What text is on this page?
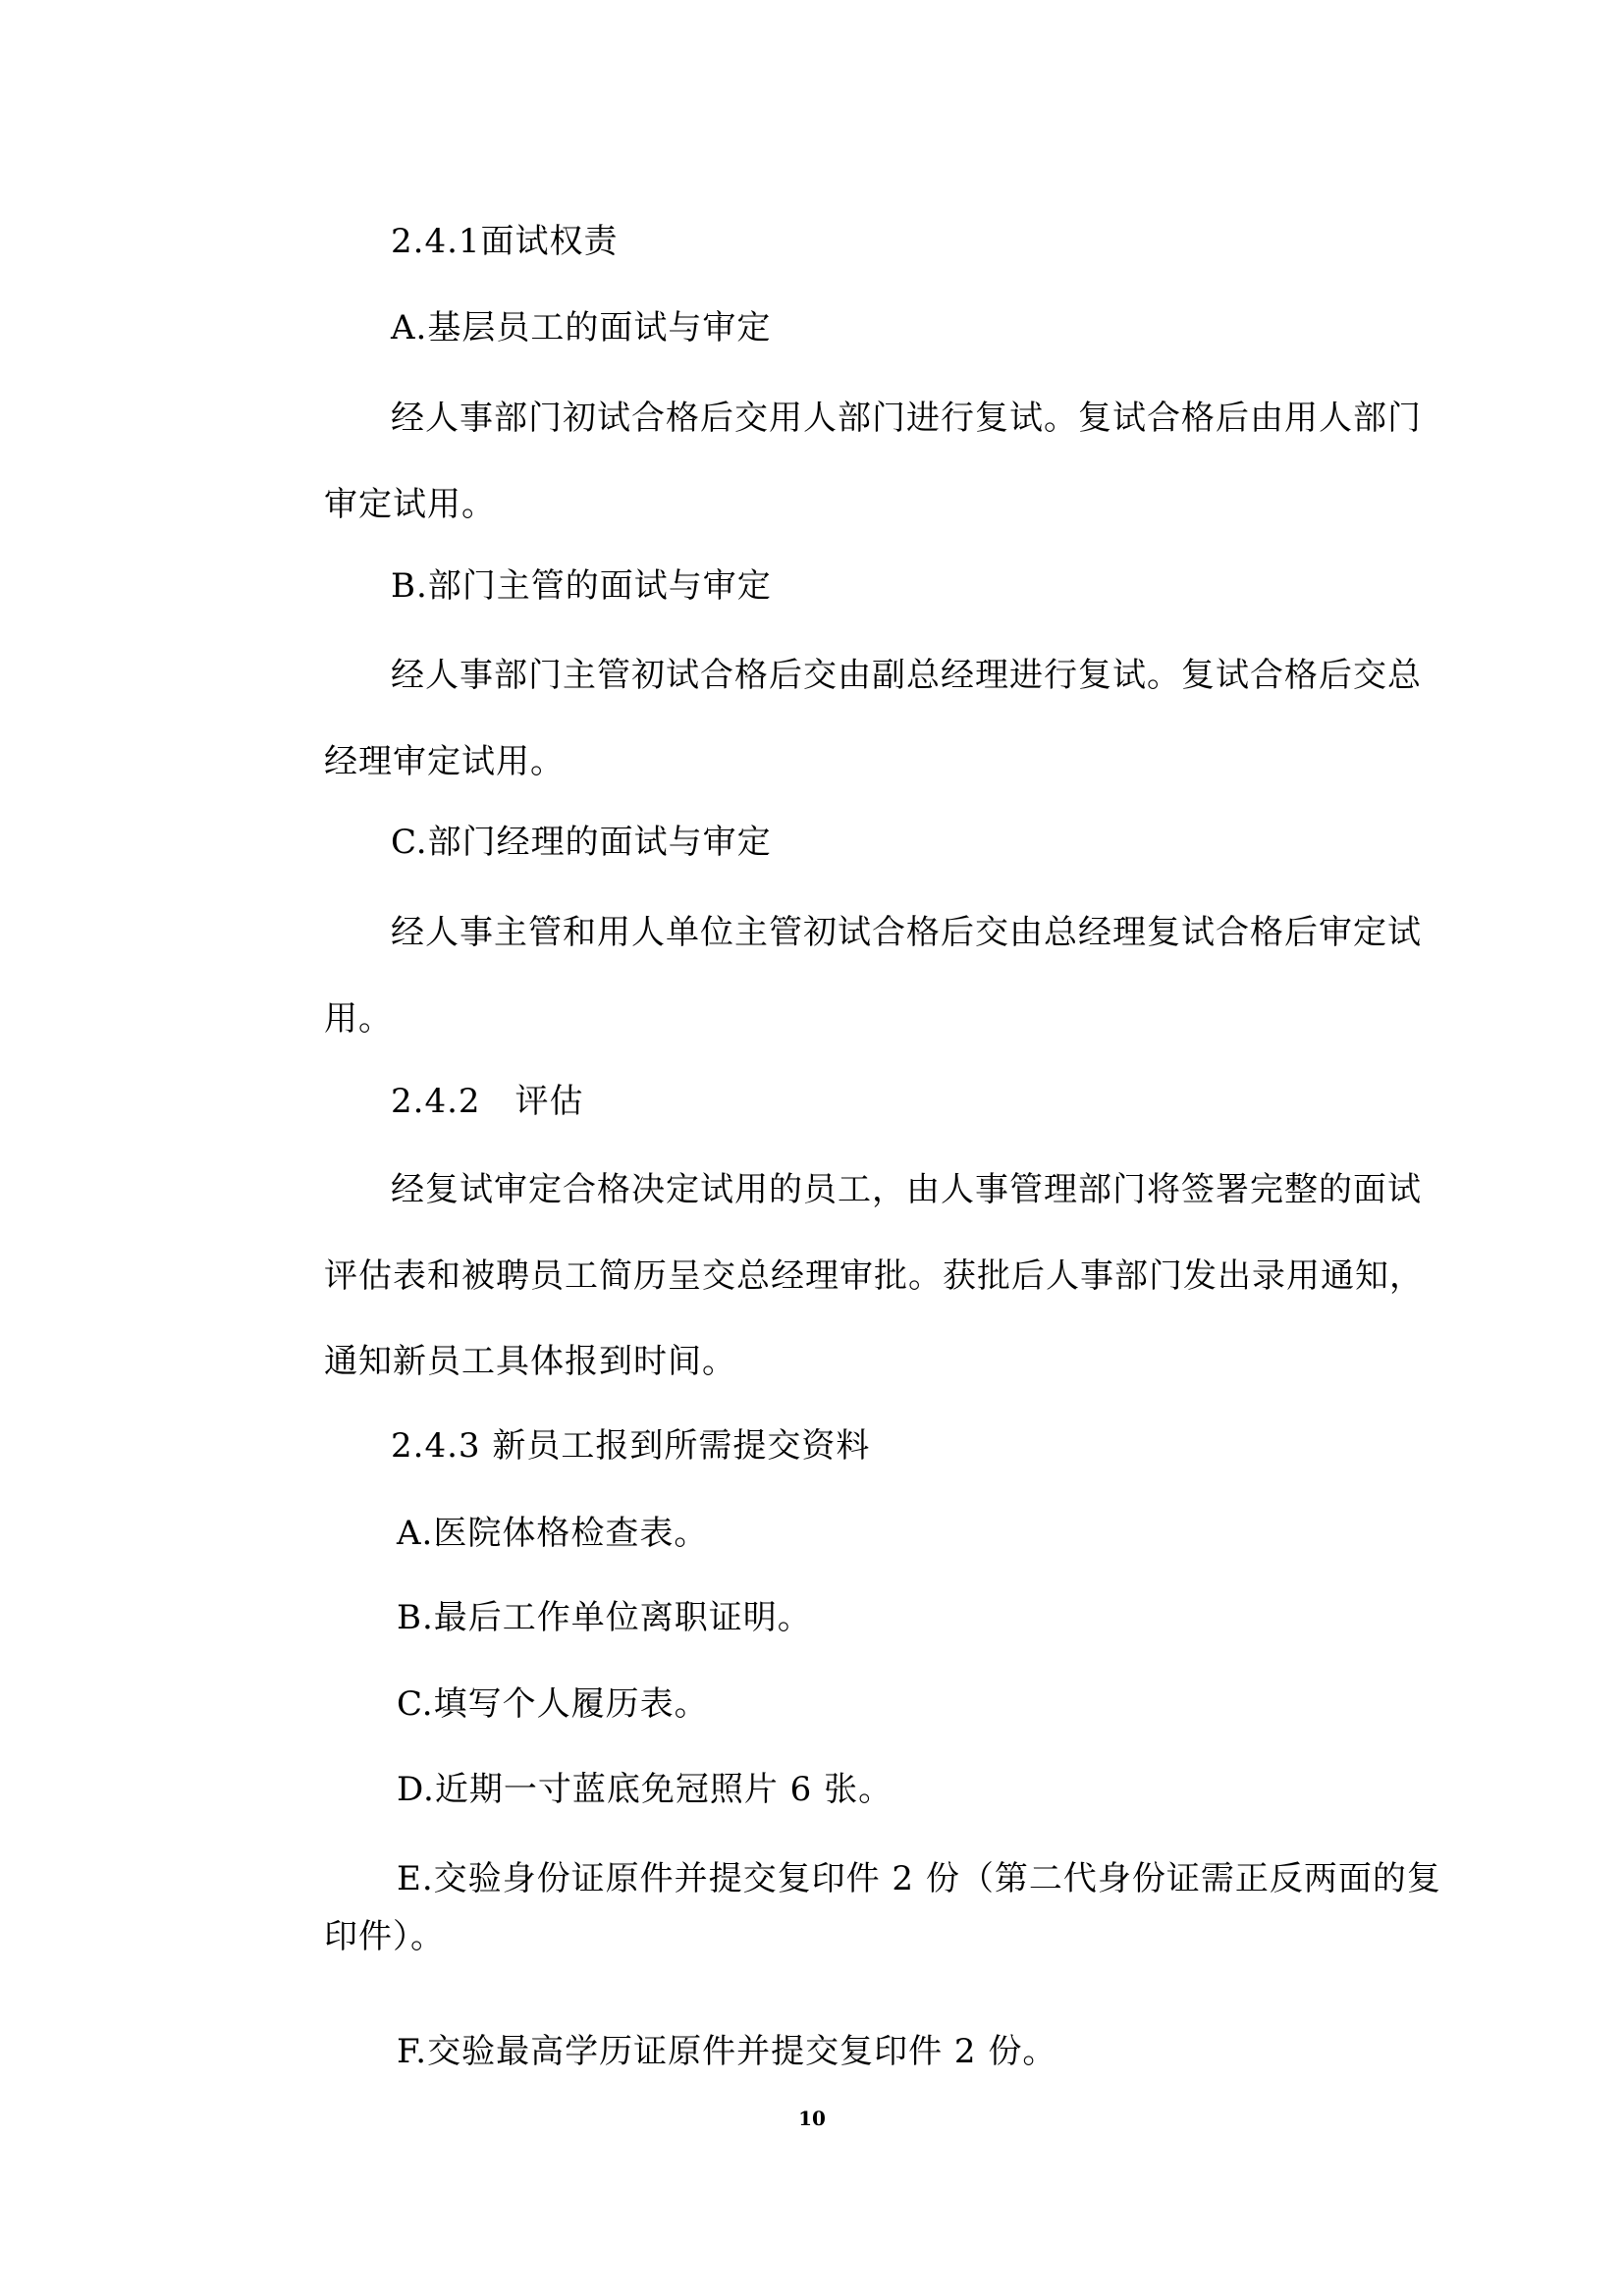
2.4.1面试权责
A.基层员工的面试与审定
经人事部门初试合格后交用人部门进行复试。复试合格后由用人部门
审定试用。
B.部门主管的面试与审定
经人事部门主管初试合格后交由副总经理进行复试。复试合格后交总
经理审定试用。
C.部门经理的面试与审定
经人事主管和用人单位主管初试合格后交由总经理复试合格后审定试
用。
2.4.2　评估
经复试审定合格决定试用的员工，由人事管理部门将签署完整的面试
评估表和被聘员工简历呈交总经理审批。获批后人事部门发出录用通知，
通知新员工具体报到时间。
2.4.3 新员工报到所需提交资料
A.医院体格检查表。
B.最后工作单位离职证明。
C.填写个人履历表。
D.近期一寸蓝底免冠照片 6 张。
E.交验身份证原件并提交复印件 2 份（第二代身份证需正反两面的复
印件）。
F.交验最高学历证原件并提交复印件 2 份。
10
